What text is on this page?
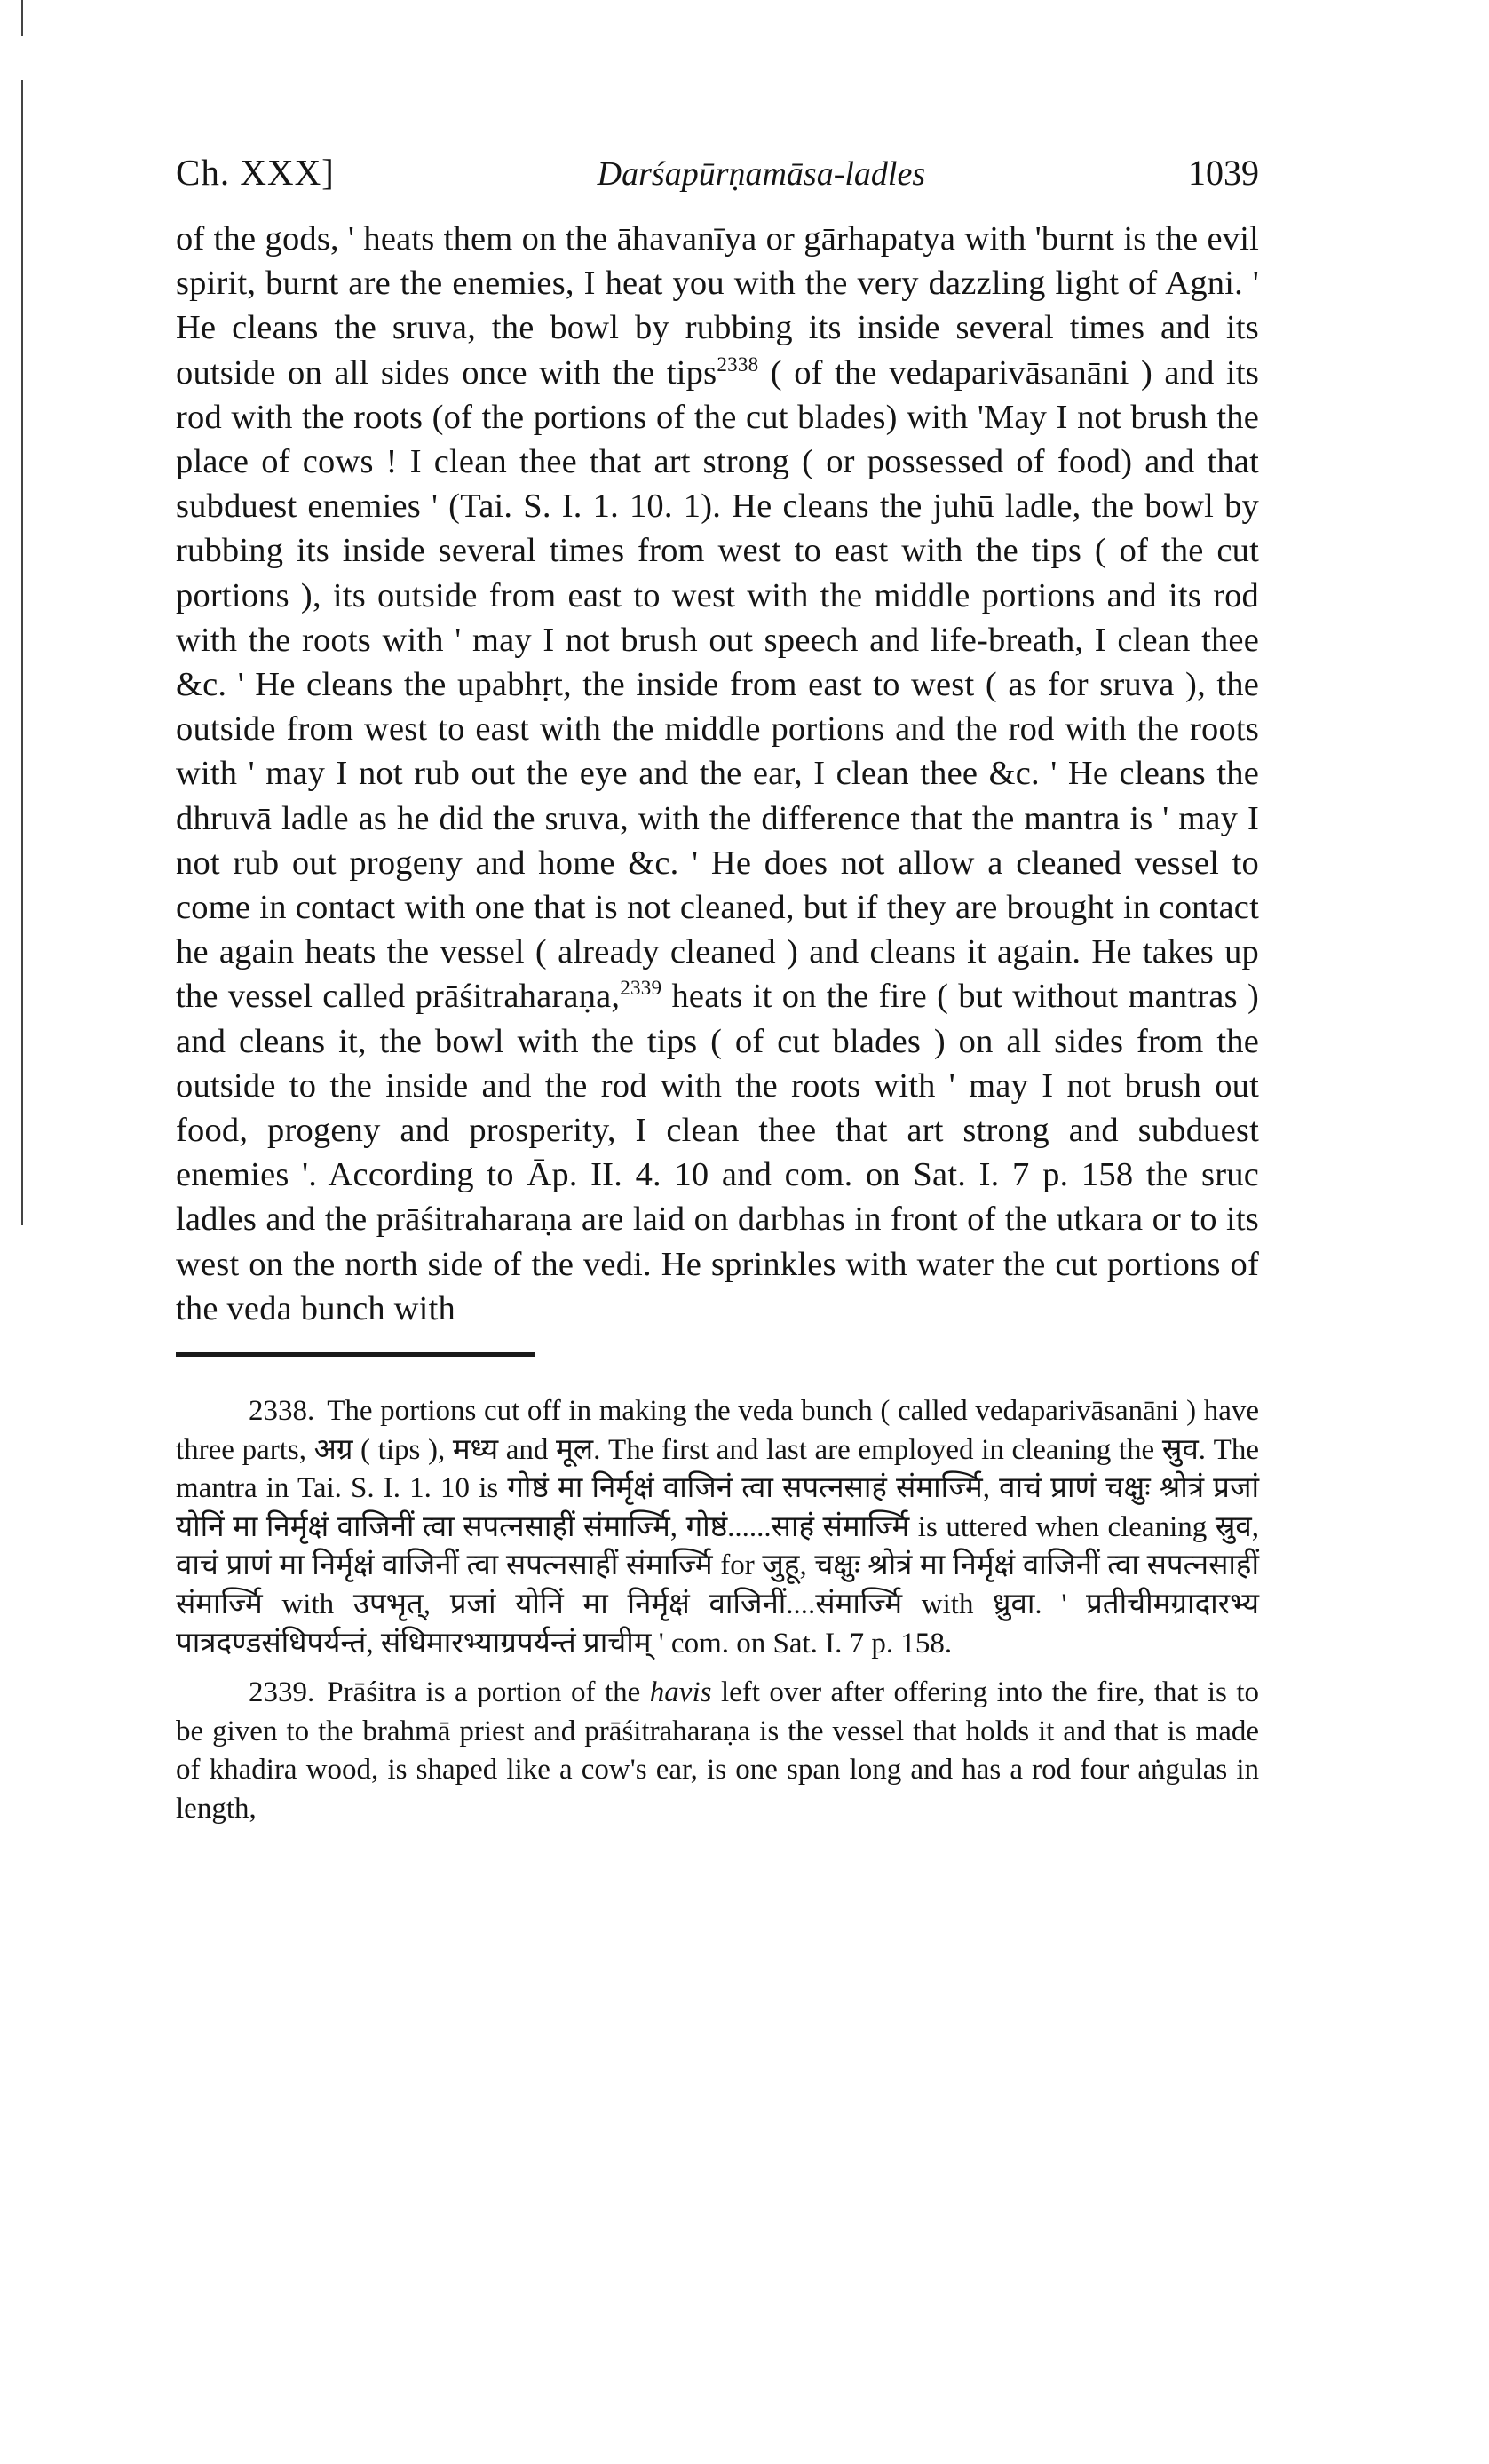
Ch. XXX]	Darśapūrṇamāsa-ladles	1039

of the gods, ' heats them on the āhavanīya or gārhapatya with 'burnt is the evil spirit, burnt are the enemies, I heat you with the very dazzling light of Agni. ' He cleans the sruva, the bowl by rubbing its inside several times and its outside on all sides once with the tips$^{2338}$ ( of the vedaparivāsanāni ) and its rod with the roots (of the portions of the cut blades) with 'May I not brush the place of cows ! I clean thee that art strong ( or possessed of food) and that subduest enemies ' (Tai. S. I. 1. 10. 1). He cleans the juhū ladle, the bowl by rubbing its inside several times from west to east with the tips ( of the cut portions ), its outside from east to west with the middle portions and its rod with the roots with ' may I not brush out speech and life-breath, I clean thee &c. ' He cleans the upabhṛt, the inside from east to west ( as for sruva ), the outside from west to east with the middle portions and the rod with the roots with ' may I not rub out the eye and the ear, I clean thee &c. ' He cleans the dhruvā ladle as he did the sruva, with the difference that the mantra is ' may I not rub out progeny and home &c. ' He does not allow a cleaned vessel to come in contact with one that is not cleaned, but if they are brought in contact he again heats the vessel ( already cleaned ) and cleans it again. He takes up the vessel called prāśitraharaṇa,$^{2339}$ heats it on the fire ( but without mantras ) and cleans it, the bowl with the tips ( of cut blades ) on all sides from the outside to the inside and the rod with the roots with ' may I not brush out food, progeny and prosperity, I clean thee that art strong and subduest enemies '. According to Āp. II. 4. 10 and com. on Sat. I. 7 p. 158 the sruc ladles and the prāśitraharaṇa are laid on darbhas in front of the utkara or to its west on the north side of the vedi. He sprinkles with water the cut portions of the veda bunch with

2338. The portions cut off in making the veda bunch ( called vedaparivāsanāni ) have three parts, अग्र ( tips ), मध्य and मूल. The first and last are employed in cleaning the स्रुव. The mantra in Tai. S. I. 1. 10 is गोष्ठं मा निर्मृक्षं वाजिनं त्वा सपत्नसाहं संमार्ज्मि, वाचं प्राणं चक्षुः श्रोत्रं प्रजां योनिं मा निर्मृक्षं वाजिनीं त्वा सपत्नसाहीं संमार्ज्मि, गोष्ठं......साहं संमार्ज्मि is uttered when cleaning स्रुव, वाचं प्राणं मा निर्मृक्षं वाजिनीं त्वा सपत्नसाहीं संमार्ज्मि for जुहू, चक्षुः श्रोत्रं मा निर्मृक्षं वाजिनीं त्वा सपत्नसाहीं संमार्ज्मि with उपभृत्, प्रजां योनिं मा निर्मृक्षं वाजिनीं....संमार्ज्मि with ध्रुवा. ' प्रतीचीमग्रादारभ्य पात्रदण्डसंधिपर्यन्तं, संधिमारभ्याग्रपर्यन्तं प्राचीम् ' com. on Sat. I. 7 p. 158.

2339. Prāśitra is a portion of the havis left over after offering into the fire, that is to be given to the brahmā priest and prāśitraharaṇa is the vessel that holds it and that is made of khadira wood, is shaped like a cow's ear, is one span long and has a rod four aṅgulas in length,
